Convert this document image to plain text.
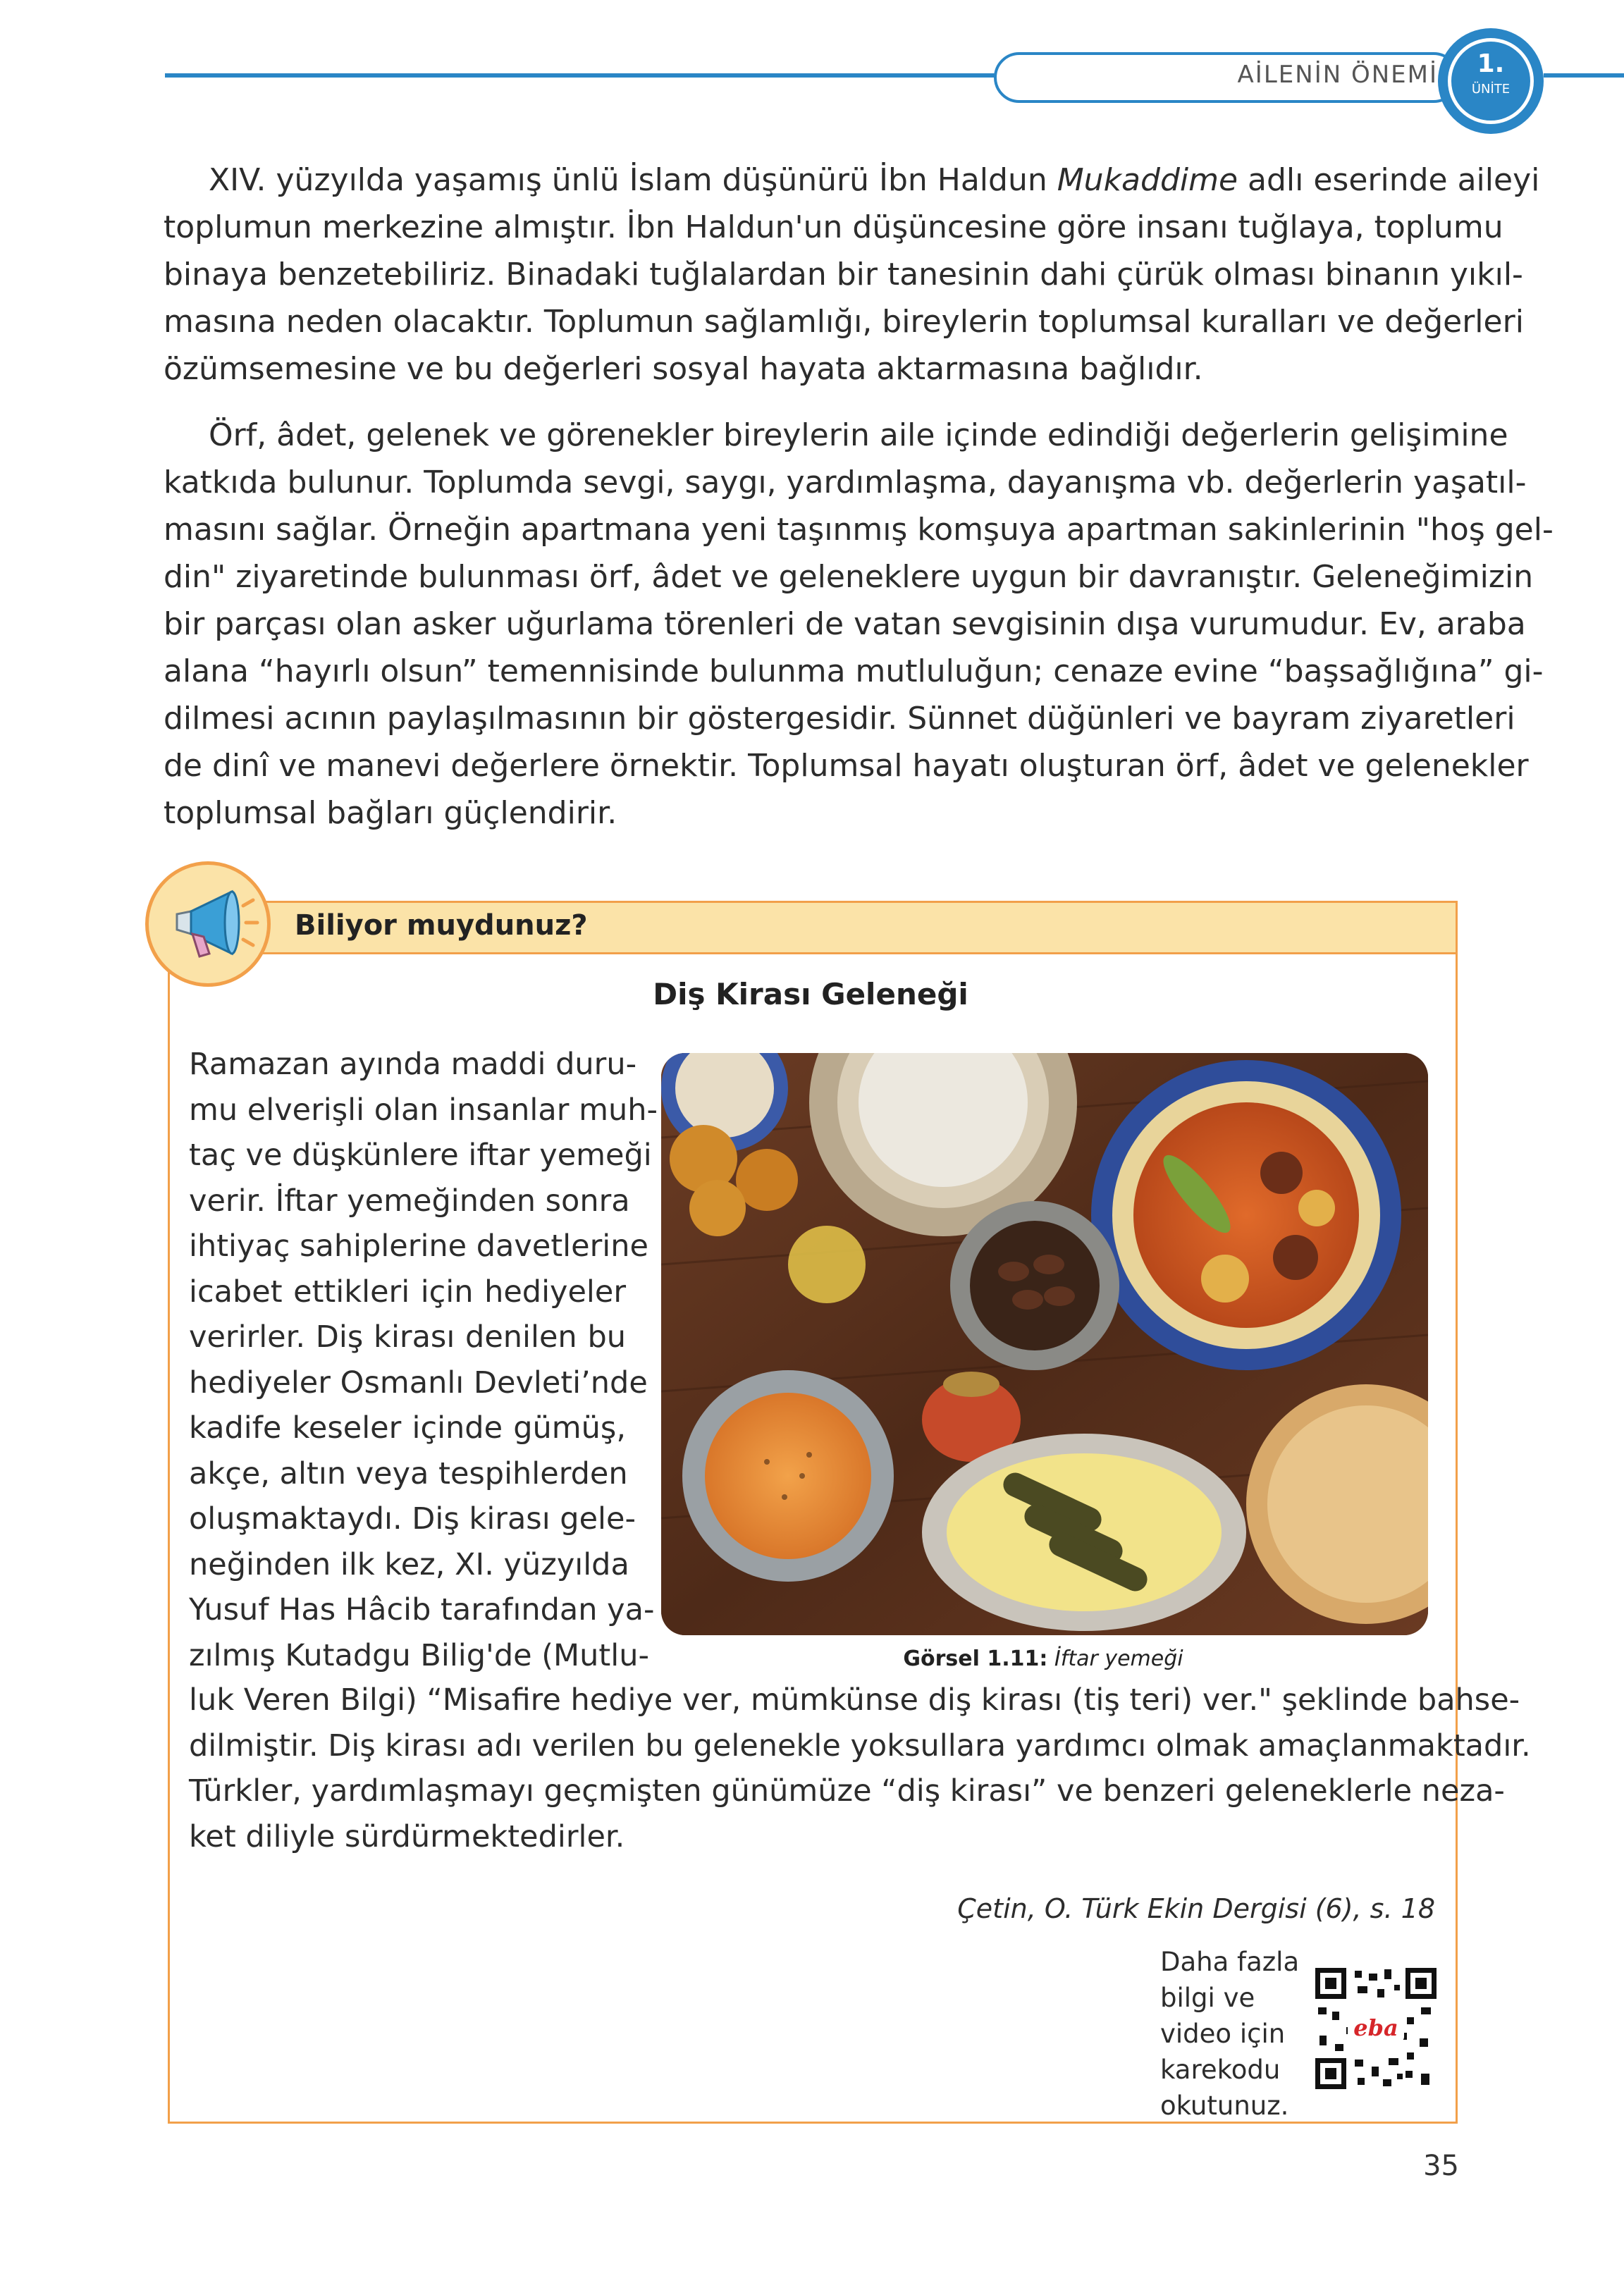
AİLENİN ÖNEMİ	1.
ÜNİTE
XIV. yüzyılda yaşamış ünlü İslam düşünürü İbn Haldun Mukaddime adlı eserinde aileyi
toplumun merkezine almıştır. İbn Haldun'un düşüncesine göre insanı tuğlaya, toplumu
binaya benzetebiliriz. Binadaki tuğlalardan bir tanesinin dahi çürük olması binanın yıkıl-
masına neden olacaktır. Toplumun sağlamlığı, bireylerin toplumsal kuralları ve değerleri
özümsemesine ve bu değerleri sosyal hayata aktarmasına bağlıdır.
Örf, âdet, gelenek ve görenekler bireylerin aile içinde edindiği değerlerin gelişimine
katkıda bulunur. Toplumda sevgi, saygı, yardımlaşma, dayanışma vb. değerlerin yaşatıl-
masını sağlar. Örneğin apartmana yeni taşınmış komşuya apartman sakinlerinin "hoş gel-
din" ziyaretinde bulunması örf, âdet ve geleneklere uygun bir davranıştır. Geleneğimizin
bir parçası olan asker uğurlama törenleri de vatan sevgisinin dışa vurumudur. Ev, araba
alana “hayırlı olsun” temennisinde bulunma mutluluğun; cenaze evine “başsağlığına” gi-
dilmesi acının paylaşılmasının bir göstergesidir. Sünnet düğünleri ve bayram ziyaretleri
de dinî ve manevi değerlere örnektir. Toplumsal hayatı oluşturan örf, âdet ve gelenekler
toplumsal bağları güçlendirir.
Biliyor muydunuz?
Diş Kirası Geleneği
Ramazan ayında maddi duru-
mu elverişli olan insanlar muh-
taç ve düşkünlere iftar yemeği
verir. İftar yemeğinden sonra
ihtiyaç sahiplerine davetlerine
icabet ettikleri için hediyeler
verirler. Diş kirası denilen bu
hediyeler Osmanlı Devleti’nde
kadife keseler içinde gümüş,
akçe, altın veya tespihlerden
oluşmaktaydı. Diş kirası gele-
neğinden ilk kez, XI. yüzyılda
Yusuf Has Hâcib tarafından ya-
zılmış Kutadgu Bilig'de (Mutlu-	Görsel 1.11: İftar yemeği
luk Veren Bilgi) “Misafire hediye ver, mümkünse diş kirası (tiş teri) ver." şeklinde bahse-
dilmiştir. Diş kirası adı verilen bu gelenekle yoksullara yardımcı olmak amaçlanmaktadır.
Türkler, yardımlaşmayı geçmişten günümüze “diş kirası” ve benzeri geleneklerle neza-
ket diliyle sürdürmektedirler.
Çetin, O. Türk Ekin Dergisi (6), s. 18
Daha fazla
bilgi ve
video için
karekodu
okutunuz.
eba
35
